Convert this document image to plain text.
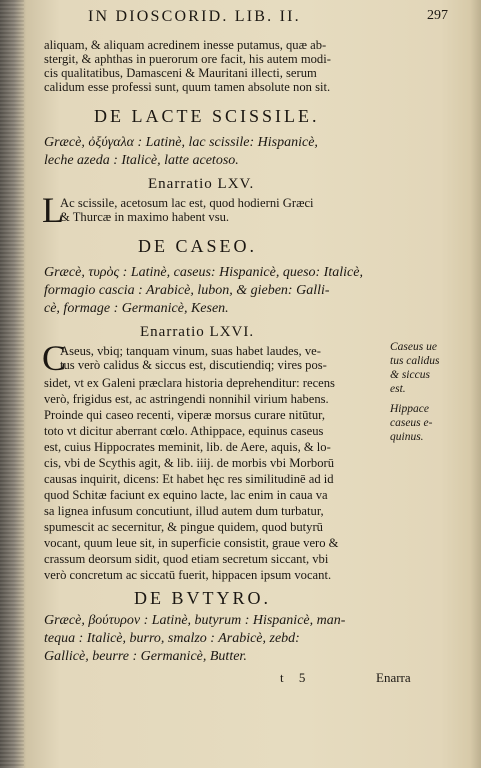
IN DIOSCORID. LIB. II.	297
aliquam, & aliquam acredinem inesse putamus, quæ ab-
stergit, & aphthas in puerorum ore facit, his autem modi-
cis qualitatibus, Damasceni & Mauritani illecti, serum
calidum esse professi sunt, quum tamen absolute non sit.
DE LACTE SCISSILE.
Græcè, ὀξύγαλα : Latinè, lac scissile: Hispanicè,
leche azeda : Italicè, latte acetoso.
Enarratio LXV.
L
Ac scissile, acetosum lac est, quod hodierni Græci
& Thurcæ in maximo habent vsu.
DE CASEO.
Græcè, τυρὸς : Latinè, caseus: Hispanicè, queso: Italicè,
formagio cascia : Arabicè, lubon, & gieben: Galli-
cè, formage : Germanicè, Kesen.
Enarratio LXVI.
C
Aseus, vbiq; tanquam vinum, suas habet laudes, ve-
tus verò calidus & siccus est, discutiendiq; vires pos-
sidet, vt ex Galeni præclara historia deprehenditur: recens
verò, frigidus est, ac astringendi nonnihil virium habens.
Proinde qui caseo recenti, viperæ morsus curare nitūtur,
toto vt dicitur aberrant cœlo. Athippace, equinus caseus
est, cuius Hippocrates meminit, lib. de Aere, aquis, & lo-
cis, vbi de Scythis agit, & lib. iiij. de morbis vbi Morborū
causas inquirit, dicens: Et habet hęc res similitudinē ad id
quod Schitæ faciunt ex equino lacte, lac enim in caua va
sa lignea infusum concutiunt, illud autem dum turbatur,
spumescit ac secernitur, & pingue quidem, quod butyrū
vocant, quum leue sit, in superficie consistit, graue vero &
crassum deorsum sidit, quod etiam secretum siccant, vbi
verò concretum ac siccatū fuerit, hippacen ipsum vocant.
Caseus ue
tus calidus
& siccus
est.
Hippace
caseus e-
quinus.
DE BVTYRO.
Græcè, βούτυρον : Latinè, butyrum : Hispanicè, man-
tequa : Italicè, burro, smalzo : Arabicè, zebd:
Gallicè, beurre : Germanicè, Butter.
t 5	Enarra
